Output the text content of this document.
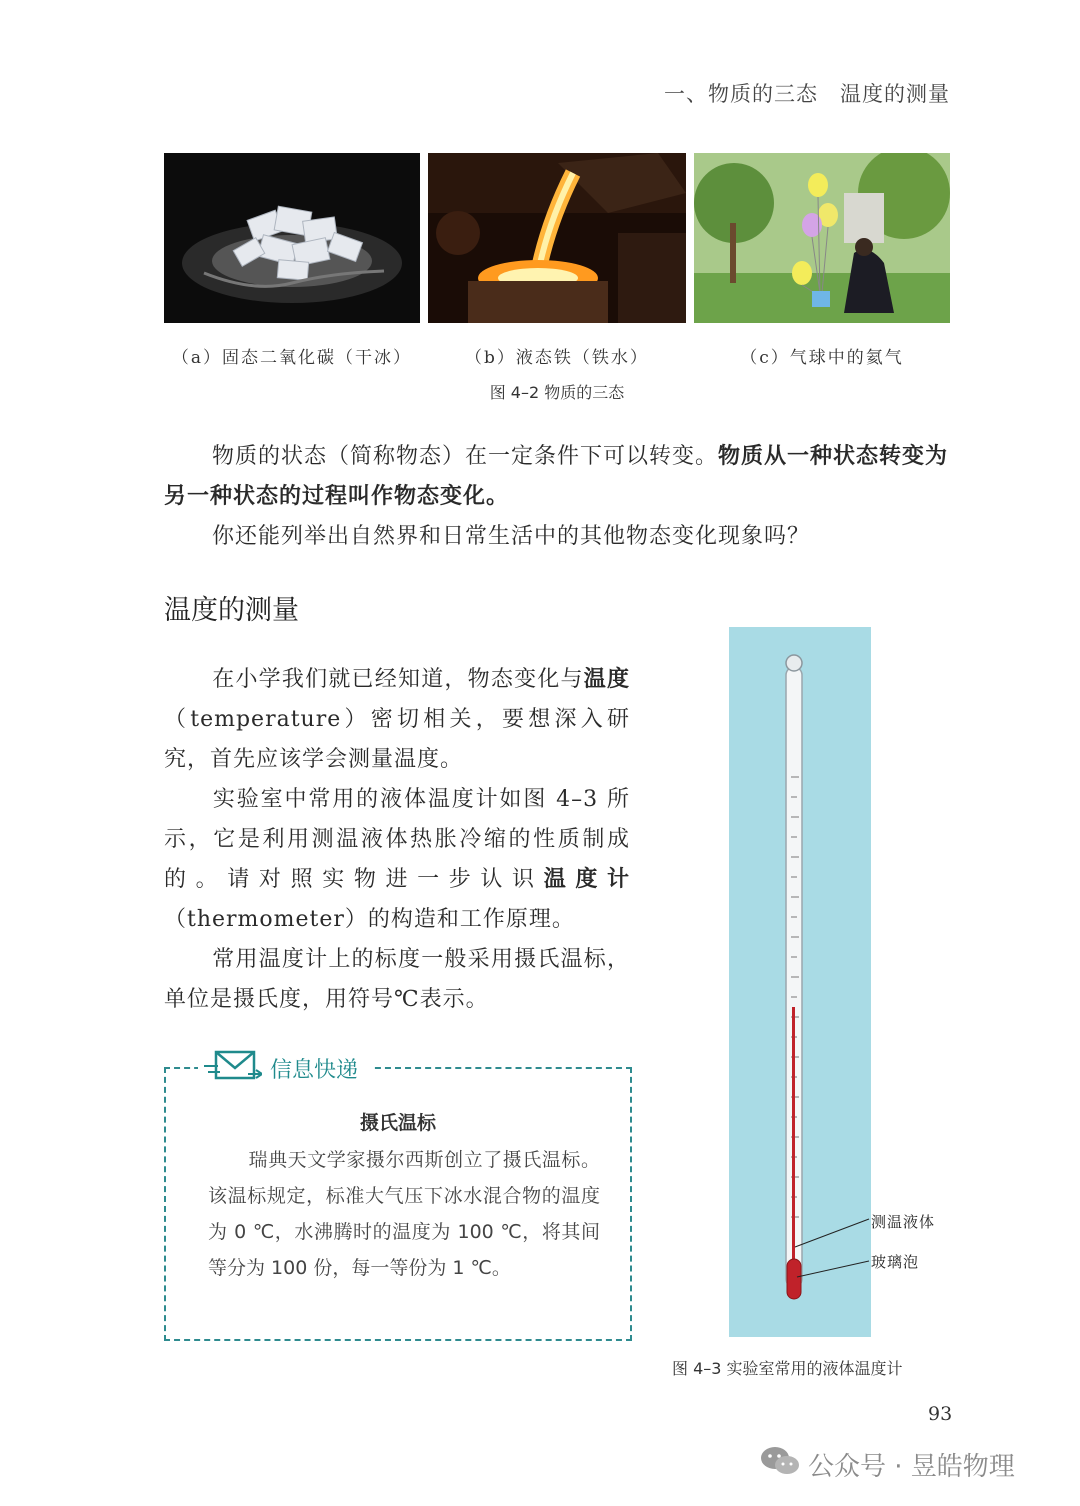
一、物质的三态　温度的测量
（a）固态二氧化碳（干冰）	（b）液态铁（铁水）	（c）气球中的氦气
图 4–2 物质的三态
物质的状态（简称物态）在一定条件下可以转变。物质从一种状态转变为另一种状态的过程叫作物态变化。
你还能列举出自然界和日常生活中的其他物态变化现象吗？
温度的测量
在小学我们就已经知道，物态变化与温度（temperature）密切相关，要想深入研究，首先应该学会测量温度。
实验室中常用的液体温度计如图 4–3 所示，它是利用测温液体热胀冷缩的性质制成的。请对照实物进一步认识温度计（thermometer）的构造和工作原理。
常用温度计上的标度一般采用摄氏温标，单位是摄氏度，用符号℃表示。
信息快递
摄氏温标
瑞典天文学家摄尔西斯创立了摄氏温标。该温标规定，标准大气压下冰水混合物的温度为 0 ℃，水沸腾时的温度为 100 ℃，将其间等分为 100 份，每一等份为 1 ℃。
测温液体
玻璃泡
图 4–3 实验室常用的液体温度计
93
公众号 · 昱皓物理
